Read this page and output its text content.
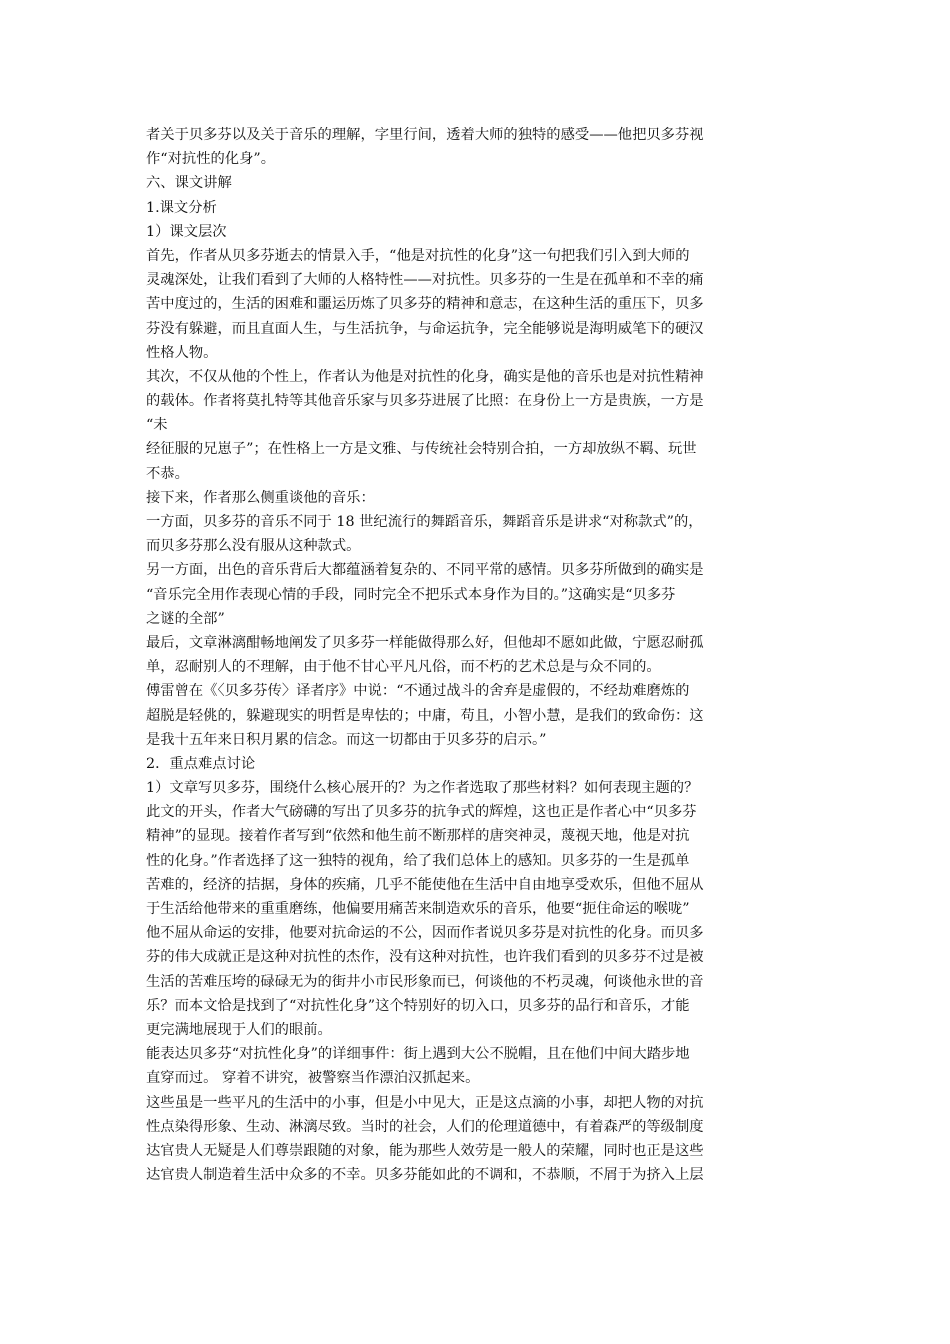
者关于贝多芬以及关于音乐的理解，字里行间，透着大师的独特的感受——他把贝多芬视
作“对抗性的化身”。
六、课文讲解
1.课文分析
1）课文层次
首先，作者从贝多芬逝去的情景入手，“他是对抗性的化身”这一句把我们引入到大师的
灵魂深处，让我们看到了大师的人格特性——对抗性。贝多芬的一生是在孤单和不幸的痛
苦中度过的，生活的困难和噩运历炼了贝多芬的精神和意志，在这种生活的重压下，贝多
芬没有躲避，而且直面人生，与生活抗争，与命运抗争，完全能够说是海明威笔下的硬汉
性格人物。
其次，不仅从他的个性上，作者认为他是对抗性的化身，确实是他的音乐也是对抗性精神
的载体。作者将莫扎特等其他音乐家与贝多芬进展了比照：在身份上一方是贵族，一方是
“未
经征服的兄崽子”；在性格上一方是文雅、与传统社会特别合拍，一方却放纵不羁、玩世
不恭。
接下来，作者那么侧重谈他的音乐：
一方面，贝多芬的音乐不同于 18 世纪流行的舞蹈音乐，舞蹈音乐是讲求“对称款式”的，
而贝多芬那么没有服从这种款式。
另一方面，出色的音乐背后大都蕴涵着复杂的、不同平常的感情。贝多芬所做到的确实是
“音乐完全用作表现心情的手段，同时完全不把乐式本身作为目的。”这确实是“贝多芬
之谜的全部”
最后，文章淋漓酣畅地阐发了贝多芬一样能做得那么好，但他却不愿如此做，宁愿忍耐孤
单，忍耐别人的不理解，由于他不甘心平凡凡俗，而不朽的艺术总是与众不同的。
傅雷曾在《〈贝多芬传〉译者序》中说：“不通过战斗的舍弃是虚假的，不经劫难磨炼的
超脱是轻佻的，躲避现实的明哲是卑怯的；中庸，苟且，小智小慧，是我们的致命伤：这
是我十五年来日积月累的信念。而这一切都由于贝多芬的启示。”
2．重点难点讨论
1）文章写贝多芬，围绕什么核心展开的？为之作者选取了那些材料？如何表现主题的？
此文的开头，作者大气磅礴的写出了贝多芬的抗争式的辉煌，这也正是作者心中“贝多芬
精神”的显现。接着作者写到“依然和他生前不断那样的唐突神灵，蔑视天地，他是对抗
性的化身。”作者选择了这一独特的视角，给了我们总体上的感知。贝多芬的一生是孤单
苦难的，经济的拮据，身体的疾痛，几乎不能使他在生活中自由地享受欢乐，但他不屈从
于生活给他带来的重重磨练，他偏要用痛苦来制造欢乐的音乐，他要“扼住命运的喉咙”
他不屈从命运的安排，他要对抗命运的不公，因而作者说贝多芬是对抗性的化身。而贝多
芬的伟大成就正是这种对抗性的杰作，没有这种对抗性，也许我们看到的贝多芬不过是被
生活的苦难压垮的碌碌无为的街井小市民形象而已，何谈他的不朽灵魂，何谈他永世的音
乐？而本文恰是找到了“对抗性化身”这个特别好的切入口，贝多芬的品行和音乐，才能
更完满地展现于人们的眼前。
能表达贝多芬“对抗性化身”的详细事件：街上遇到大公不脱帽，且在他们中间大踏步地
直穿而过。 穿着不讲究，被警察当作漂泊汉抓起来。
这些虽是一些平凡的生活中的小事，但是小中见大，正是这点滴的小事，却把人物的对抗
性点染得形象、生动、淋漓尽致。当时的社会，人们的伦理道德中，有着森严的等级制度
达官贵人无疑是人们尊崇跟随的对象，能为那些人效劳是一般人的荣耀，同时也正是这些
达官贵人制造着生活中众多的不幸。贝多芬能如此的不调和，不恭顺，不屑于为挤入上层
